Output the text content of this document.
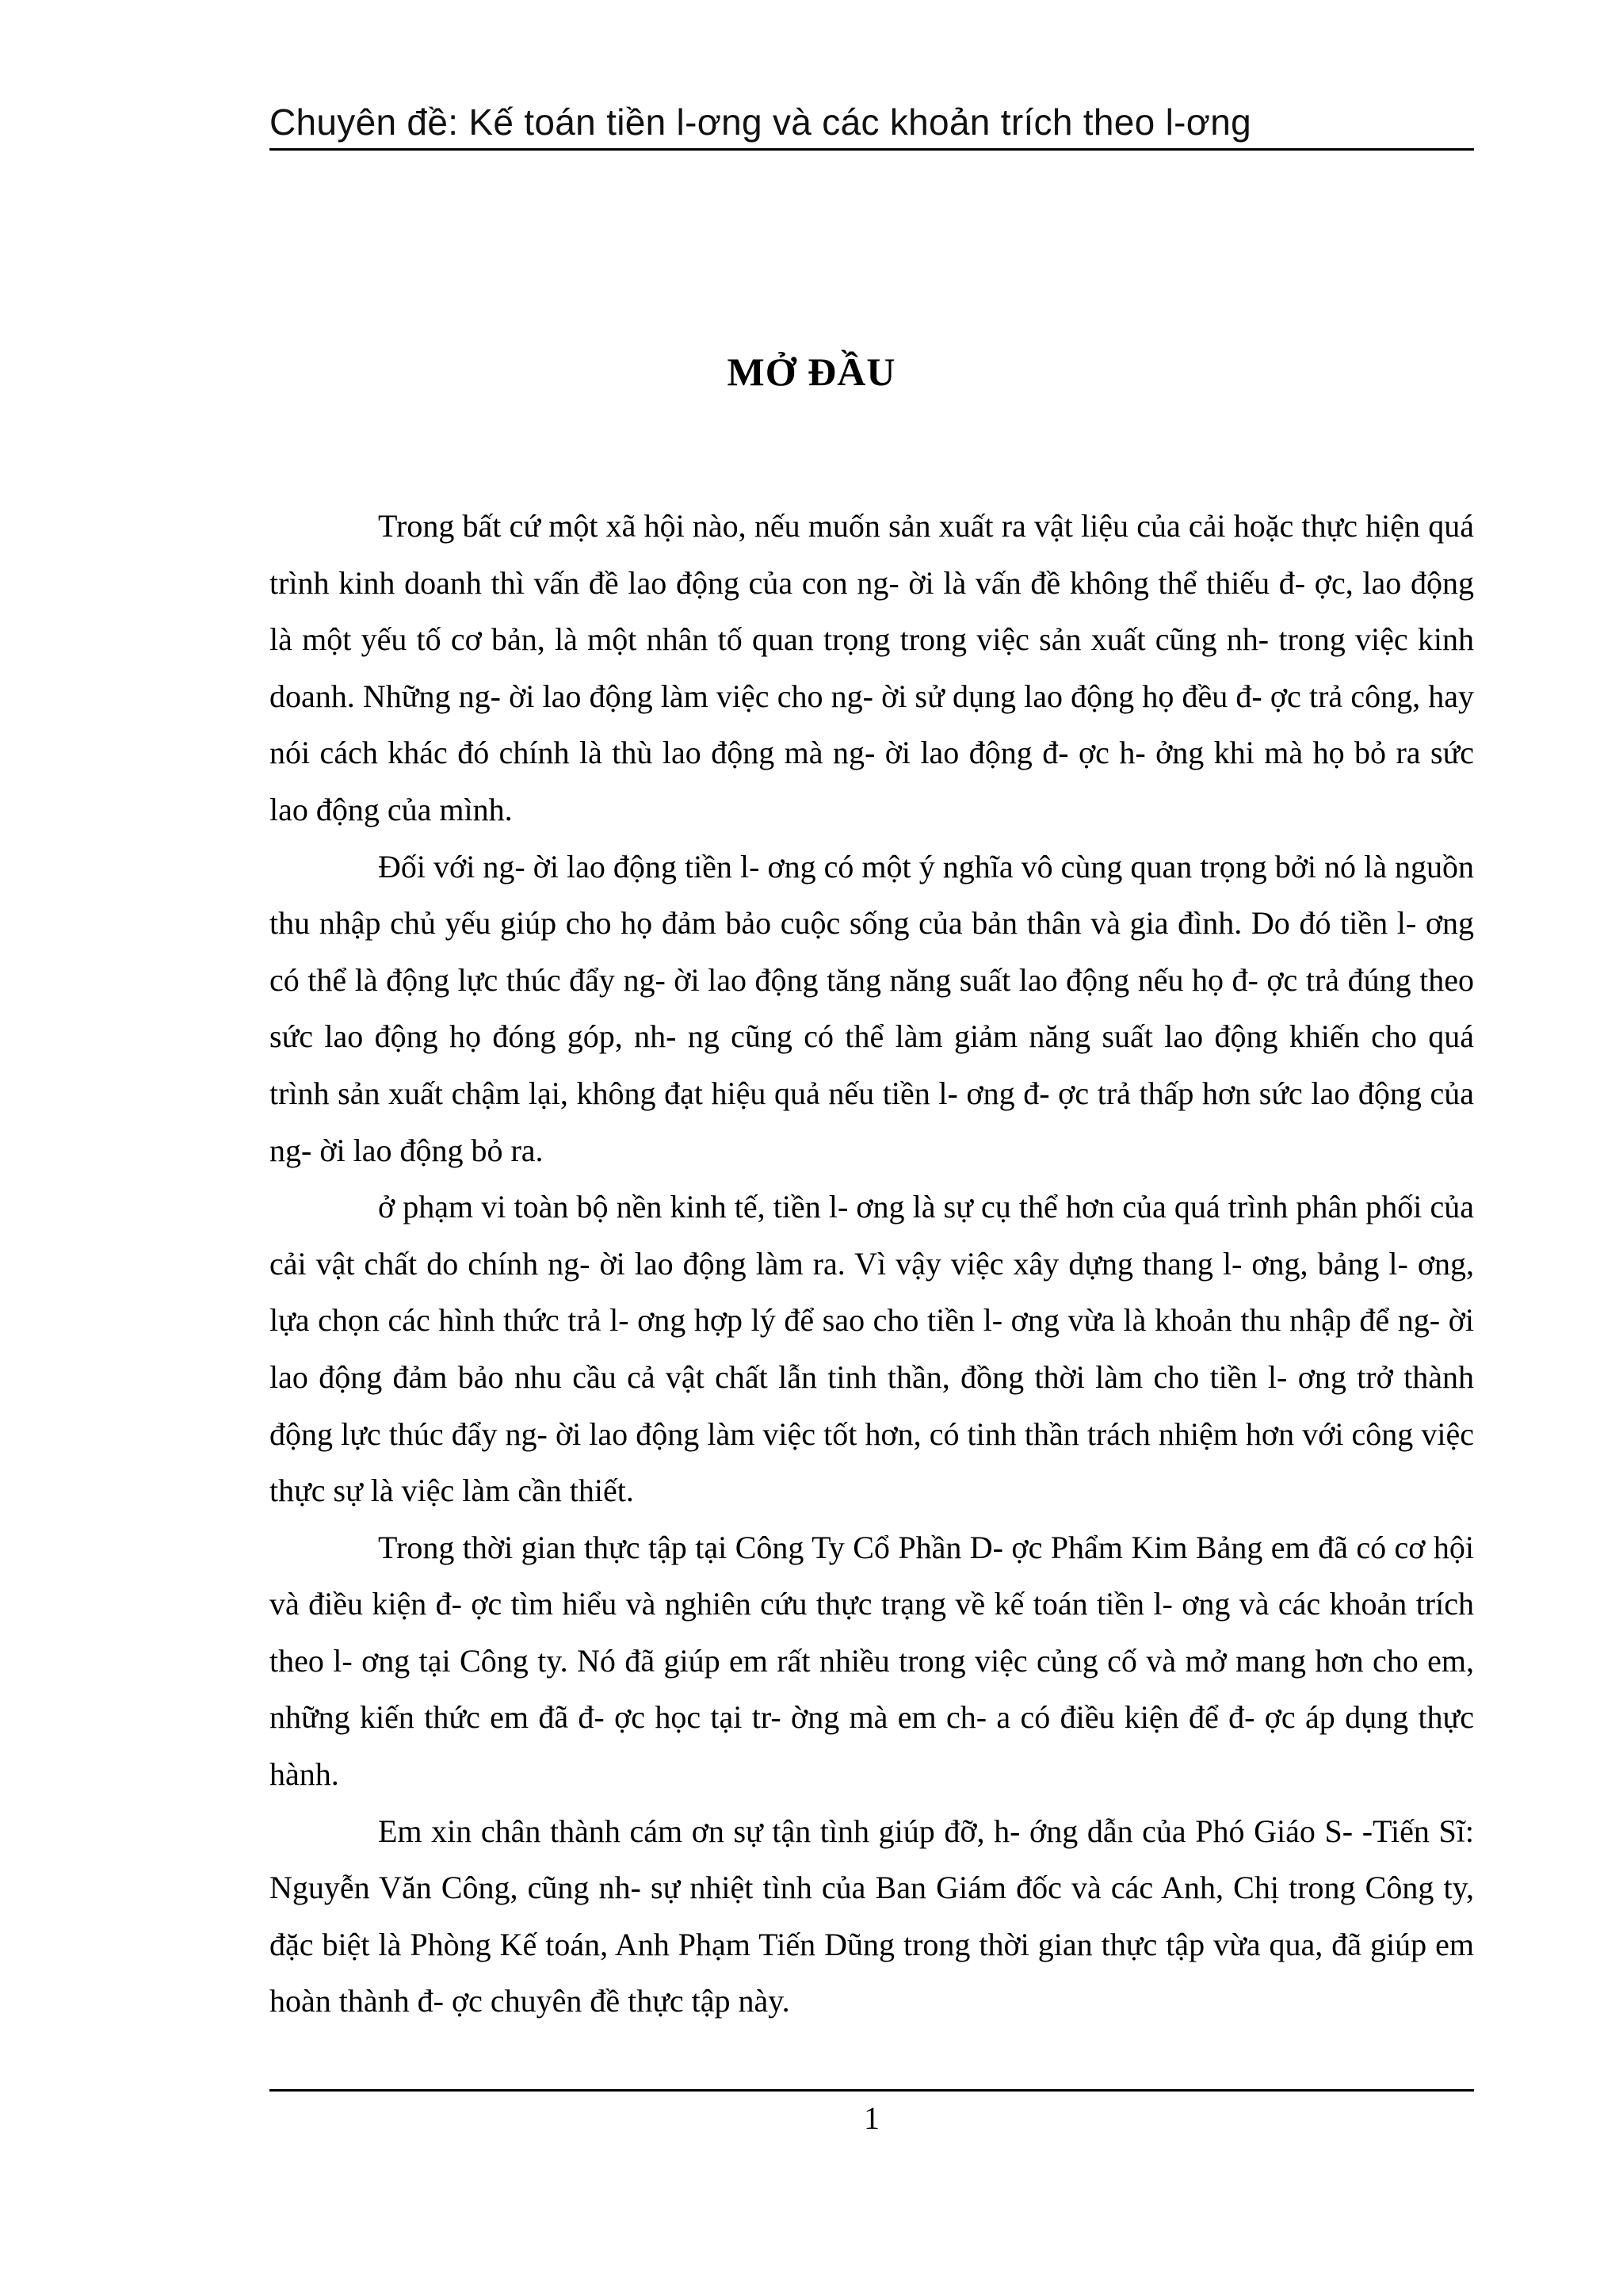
Chuyên đề: Kế toán tiền l-ơng và các khoản trích theo l-ơng
MỞ ĐẦU

Trong bất cứ một xã hội nào, nếu muốn sản xuất ra vật liệu của cải hoặc thực hiện quá trình kinh doanh thì vấn đề lao động của con ng- ời là vấn đề không thể thiếu đ- ợc, lao động là một yếu tố cơ bản, là một nhân tố quan trọng trong việc sản xuất cũng nh- trong việc kinh doanh. Những ng- ời lao động làm việc cho ng- ời sử dụng lao động họ đều đ- ợc trả công, hay nói cách khác đó chính là thù lao động mà ng- ời lao động đ- ợc h- ởng khi mà họ bỏ ra sức lao động của mình.

Đối với ng- ời lao động tiền l- ơng có một ý nghĩa vô cùng quan trọng bởi nó là nguồn thu nhập chủ yếu giúp cho họ đảm bảo cuộc sống của bản thân và gia đình. Do đó tiền l- ơng có thể là động lực thúc đẩy ng- ời lao động tăng năng suất lao động nếu họ đ- ợc trả đúng theo sức lao động họ đóng góp, nh- ng cũng có thể làm giảm năng suất lao động khiến cho quá trình sản xuất chậm lại, không đạt hiệu quả nếu tiền l- ơng đ- ợc trả thấp hơn sức lao động của ng- ời lao động bỏ ra.

ở phạm vi toàn bộ nền kinh tế, tiền l- ơng là sự cụ thể hơn của quá trình phân phối của cải vật chất do chính ng- ời lao động làm ra. Vì vậy việc xây dựng thang l- ơng, bảng l- ơng, lựa chọn các hình thức trả l- ơng hợp lý để sao cho tiền l- ơng vừa là khoản thu nhập để ng- ời lao động đảm bảo nhu cầu cả vật chất lẫn tinh thần, đồng thời làm cho tiền l- ơng trở thành động lực thúc đẩy ng- ời lao động làm việc tốt hơn, có tinh thần trách nhiệm hơn với công việc thực sự là việc làm cần thiết.

Trong thời gian thực tập tại Công Ty Cổ Phần D- ợc Phẩm Kim Bảng em đã có cơ hội và điều kiện đ- ợc tìm hiểu và nghiên cứu thực trạng về kế toán tiền l- ơng và các khoản trích theo l- ơng tại Công ty. Nó đã giúp em rất nhiều trong việc củng cố và mở mang hơn cho em, những kiến thức em đã đ- ợc học tại tr- ờng mà em ch- a có điều kiện để đ- ợc áp dụng thực hành.

Em xin chân thành cám ơn sự tận tình giúp đỡ, h- ớng dẫn của Phó Giáo S- -Tiến Sĩ: Nguyễn Văn Công, cũng nh- sự nhiệt tình của Ban Giám đốc và các Anh, Chị trong Công ty, đặc biệt là Phòng Kế toán, Anh Phạm Tiến Dũng trong thời gian thực tập vừa qua, đã giúp em hoàn thành đ- ợc chuyên đề thực tập này.

1
